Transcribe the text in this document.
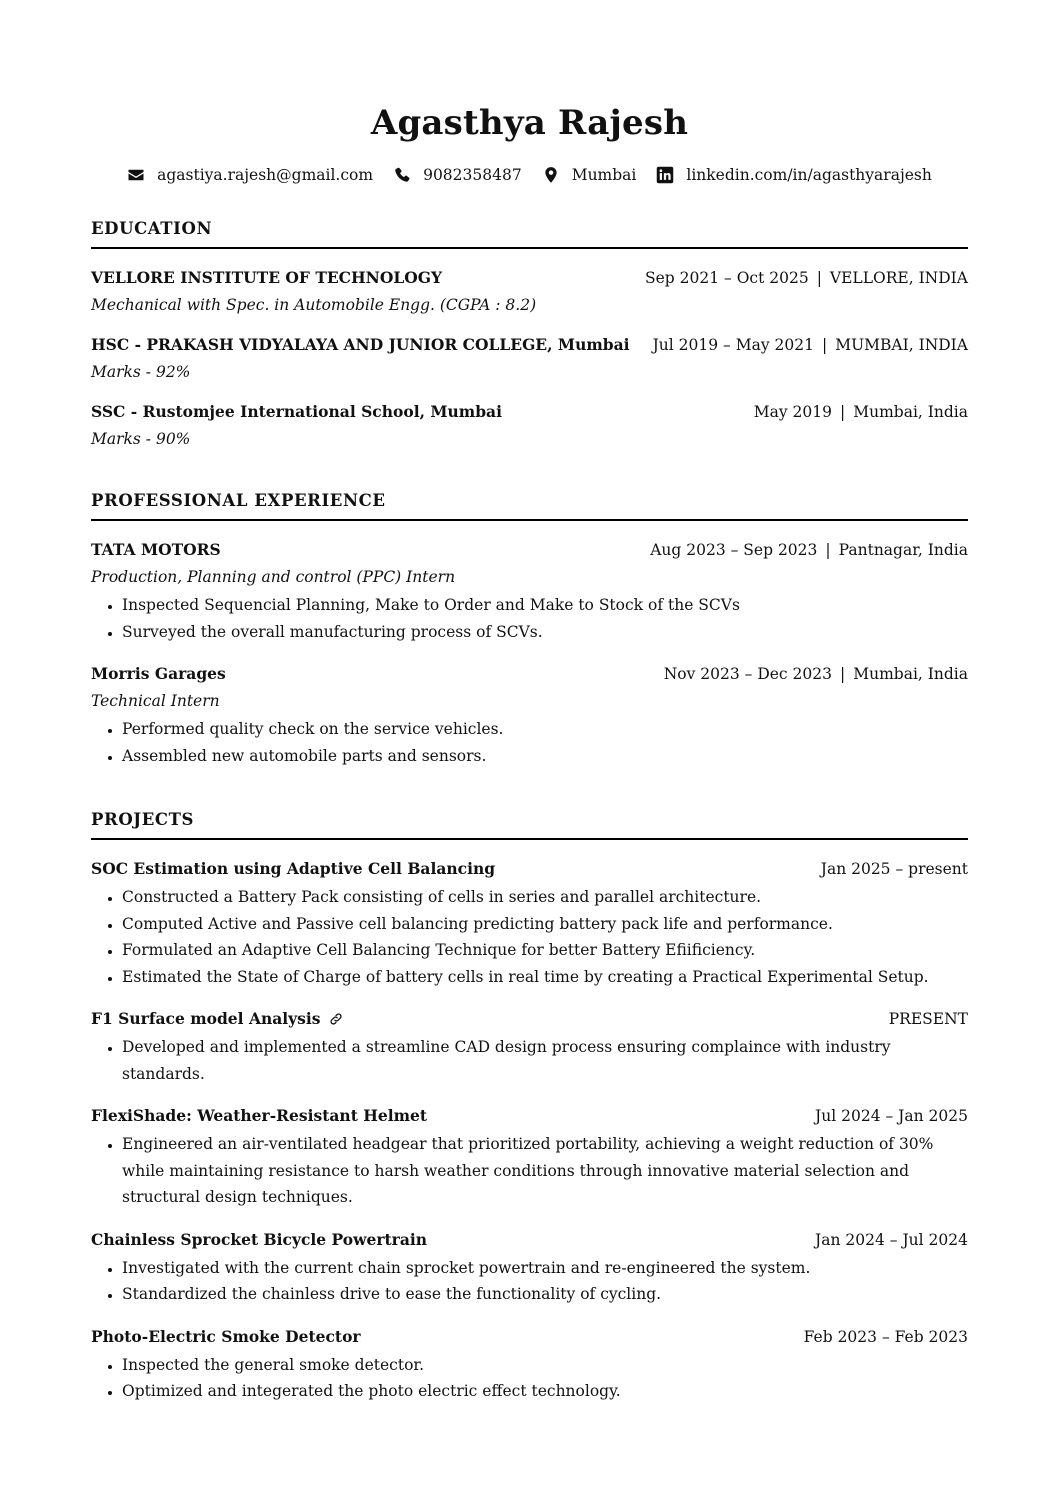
Agasthya Rajesh
agastiya.rajesh@gmail.com	9082358487	Mumbai	linkedin.com/in/agasthyarajesh
EDUCATION
VELLORE INSTITUTE OF TECHNOLOGY	Sep 2021 – Oct 2025 | VELLORE, INDIA
Mechanical with Spec. in Automobile Engg. (CGPA : 8.2)
HSC - PRAKASH VIDYALAYA AND JUNIOR COLLEGE, Mumbai Jul 2019 – May 2021 | MUMBAI, INDIA
Marks - 92%
SSC - Rustomjee International School, Mumbai	May 2019 | Mumbai, India
Marks - 90%
PROFESSIONAL EXPERIENCE
TATA MOTORS	Aug 2023 – Sep 2023 | Pantnagar, India
Production, Planning and control (PPC) Intern
• Inspected Sequencial Planning, Make to Order and Make to Stock of the SCVs
• Surveyed the overall manufacturing process of SCVs.
Morris Garages	Nov 2023 – Dec 2023 | Mumbai, India
Technical Intern
• Performed quality check on the service vehicles.
• Assembled new automobile parts and sensors.
PROJECTS
SOC Estimation using Adaptive Cell Balancing	Jan 2025 – present
• Constructed a Battery Pack consisting of cells in series and parallel architecture.
• Computed Active and Passive cell balancing predicting battery pack life and performance.
• Formulated an Adaptive Cell Balancing Technique for better Battery Efiificiency.
• Estimated the State of Charge of battery cells in real time by creating a Practical Experimental Setup.
F1 Surface model Analysis	PRESENT
• Developed and implemented a streamline CAD design process ensuring complaince with industry standards.
FlexiShade: Weather-Resistant Helmet	Jul 2024 – Jan 2025
• Engineered an air-ventilated headgear that prioritized portability, achieving a weight reduction of 30% while maintaining resistance to harsh weather conditions through innovative material selection and structural design techniques.
Chainless Sprocket Bicycle Powertrain	Jan 2024 – Jul 2024
• Investigated with the current chain sprocket powertrain and re-engineered the system.
• Standardized the chainless drive to ease the functionality of cycling.
Photo-Electric Smoke Detector	Feb 2023 – Feb 2023
• Inspected the general smoke detector.
• Optimized and integerated the photo electric effect technology.
